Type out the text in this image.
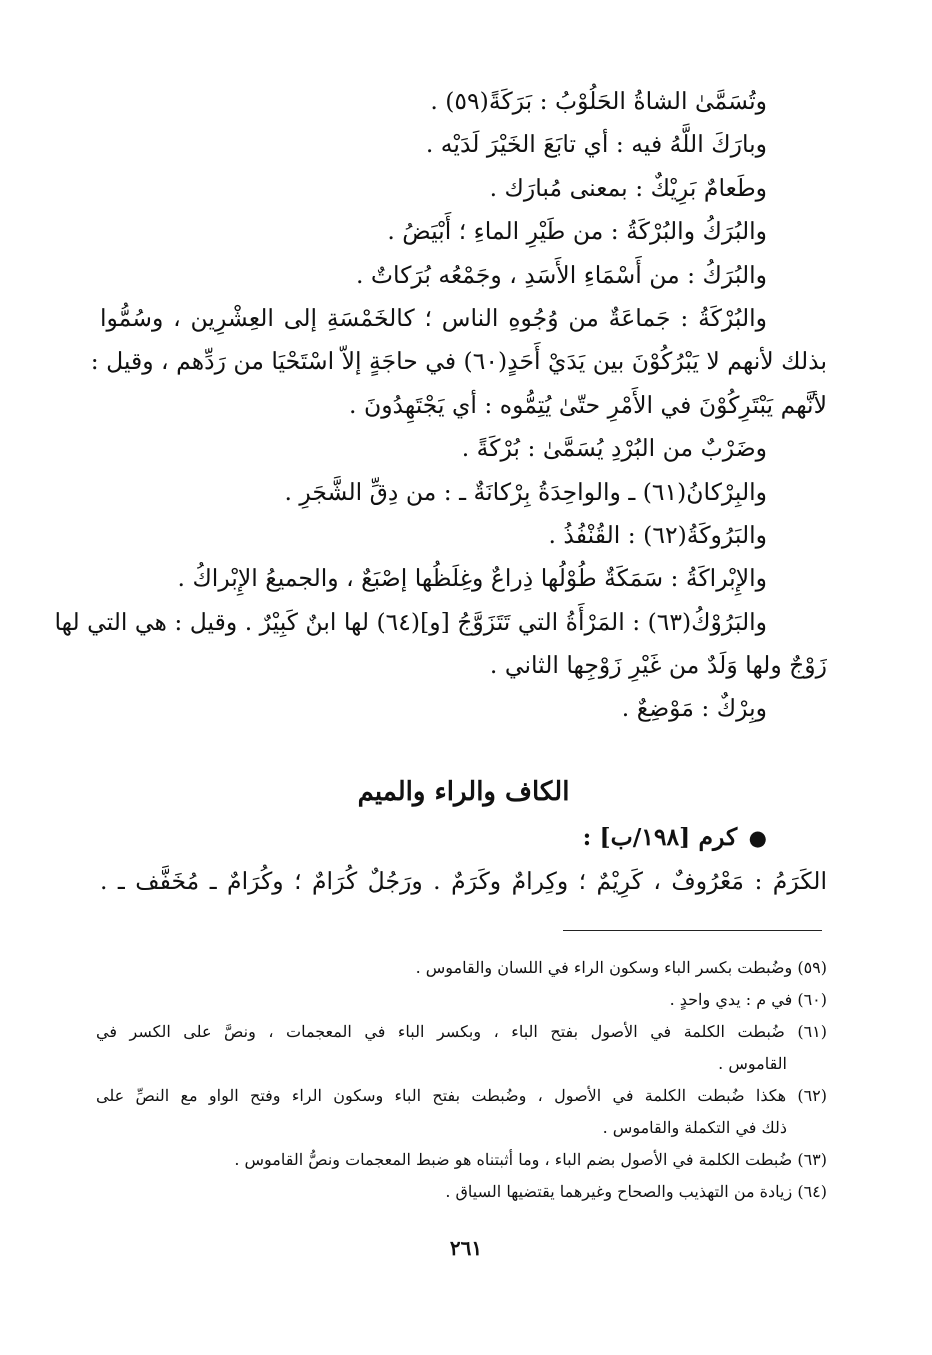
وتُسَمَّىٰ الشاةُ الحَلُوْبُ : بَرَكَةً(٥٩) .
وبارَكَ اللَّهُ فيه : أي تابَعَ الخَيْرَ لَدَيْه .
وطَعامٌ بَرِيْكٌ : بمعنى مُبارَك .
والبُرَكُ والبُرْكَةُ : من طَيْرِ الماءِ ؛ أَبْيَضُ .
والبُرَكُ : من أَسْمَاءِ الأَسَدِ ، وجَمْعُه بُرَكاتٌ .
والبُرْكَةُ : جَماعَةٌ من وُجُوهِ الناس ؛ كالخَمْسَةِ إلى العِشْرِين ، وسُمُّوا
بذلك لأنهم لا يَبْرُكُوْنَ بين يَدَيْ أَحَدٍ(٦٠) في حاجَةٍ إلاّ اسْتَحْيَا من رَدِّهم ، وقيل :
لأنَّهم يَبْتَرِكُوْنَ في الأَمْرِ حتّىٰ يُتِمُّوه : أي يَجْتَهِدُونَ .
وضَرْبٌ من البُرْدِ يُسَمَّىٰ : بُرْكَةً .
والبِرْكانُ(٦١) ـ والواحِدَةُ بِرْكانَةٌ ـ : من دِقِّ الشَّجَرِ .
والبَرُوكَةُ(٦٢) : القُنْفُذُ .
والإِبْراكَةُ : سَمَكَةٌ طُوْلُها ذِراعٌ وغِلَظُها إصْبَعٌ ، والجميعُ الإِبْراكُ .
والبَرُوْكُ(٦٣) : المَرْأَةُ التي تَتَزَوَّجُ [و](٦٤) لها ابنٌ كَبِيْرٌ . وقيل : هي التي لها
زَوْجٌ ولها وَلَدٌ من غَيْرِ زَوْجِها الثاني .
وبِرْكٌ : مَوْضِعٌ .
الكاف والراء والميم
● كرم [١٩٨/ب] :
الكَرَمُ : مَعْرُوفٌ ، كَرِيْمٌ ؛ وكِرامٌ وكَرَمٌ . ورَجُلٌ كُرَامٌ ؛ وكُرَامٌ ـ مُخَفَّف ـ .
(٥٩) وضُبطت بكسر الباء وسكون الراء في اللسان والقاموس .
(٦٠) في م : يدي واحدٍ .
(٦١) ضُبطت الكلمة في الأصول بفتح الباء ، وبكسر الباء في المعجمات ، ونصَّ على الكسر في
القاموس .
(٦٢) هكذا ضُبطت الكلمة في الأصول ، وضُبطت بفتح الباء وسكون الراء وفتح الواو مع النصِّ على
ذلك في التكملة والقاموس .
(٦٣) ضُبطت الكلمة في الأصول بضم الباء ، وما أثبتناه هو ضبط المعجمات ونصُّ القاموس .
(٦٤) زيادة من التهذيب والصحاح وغيرهما يقتضيها السياق .
٢٦١
